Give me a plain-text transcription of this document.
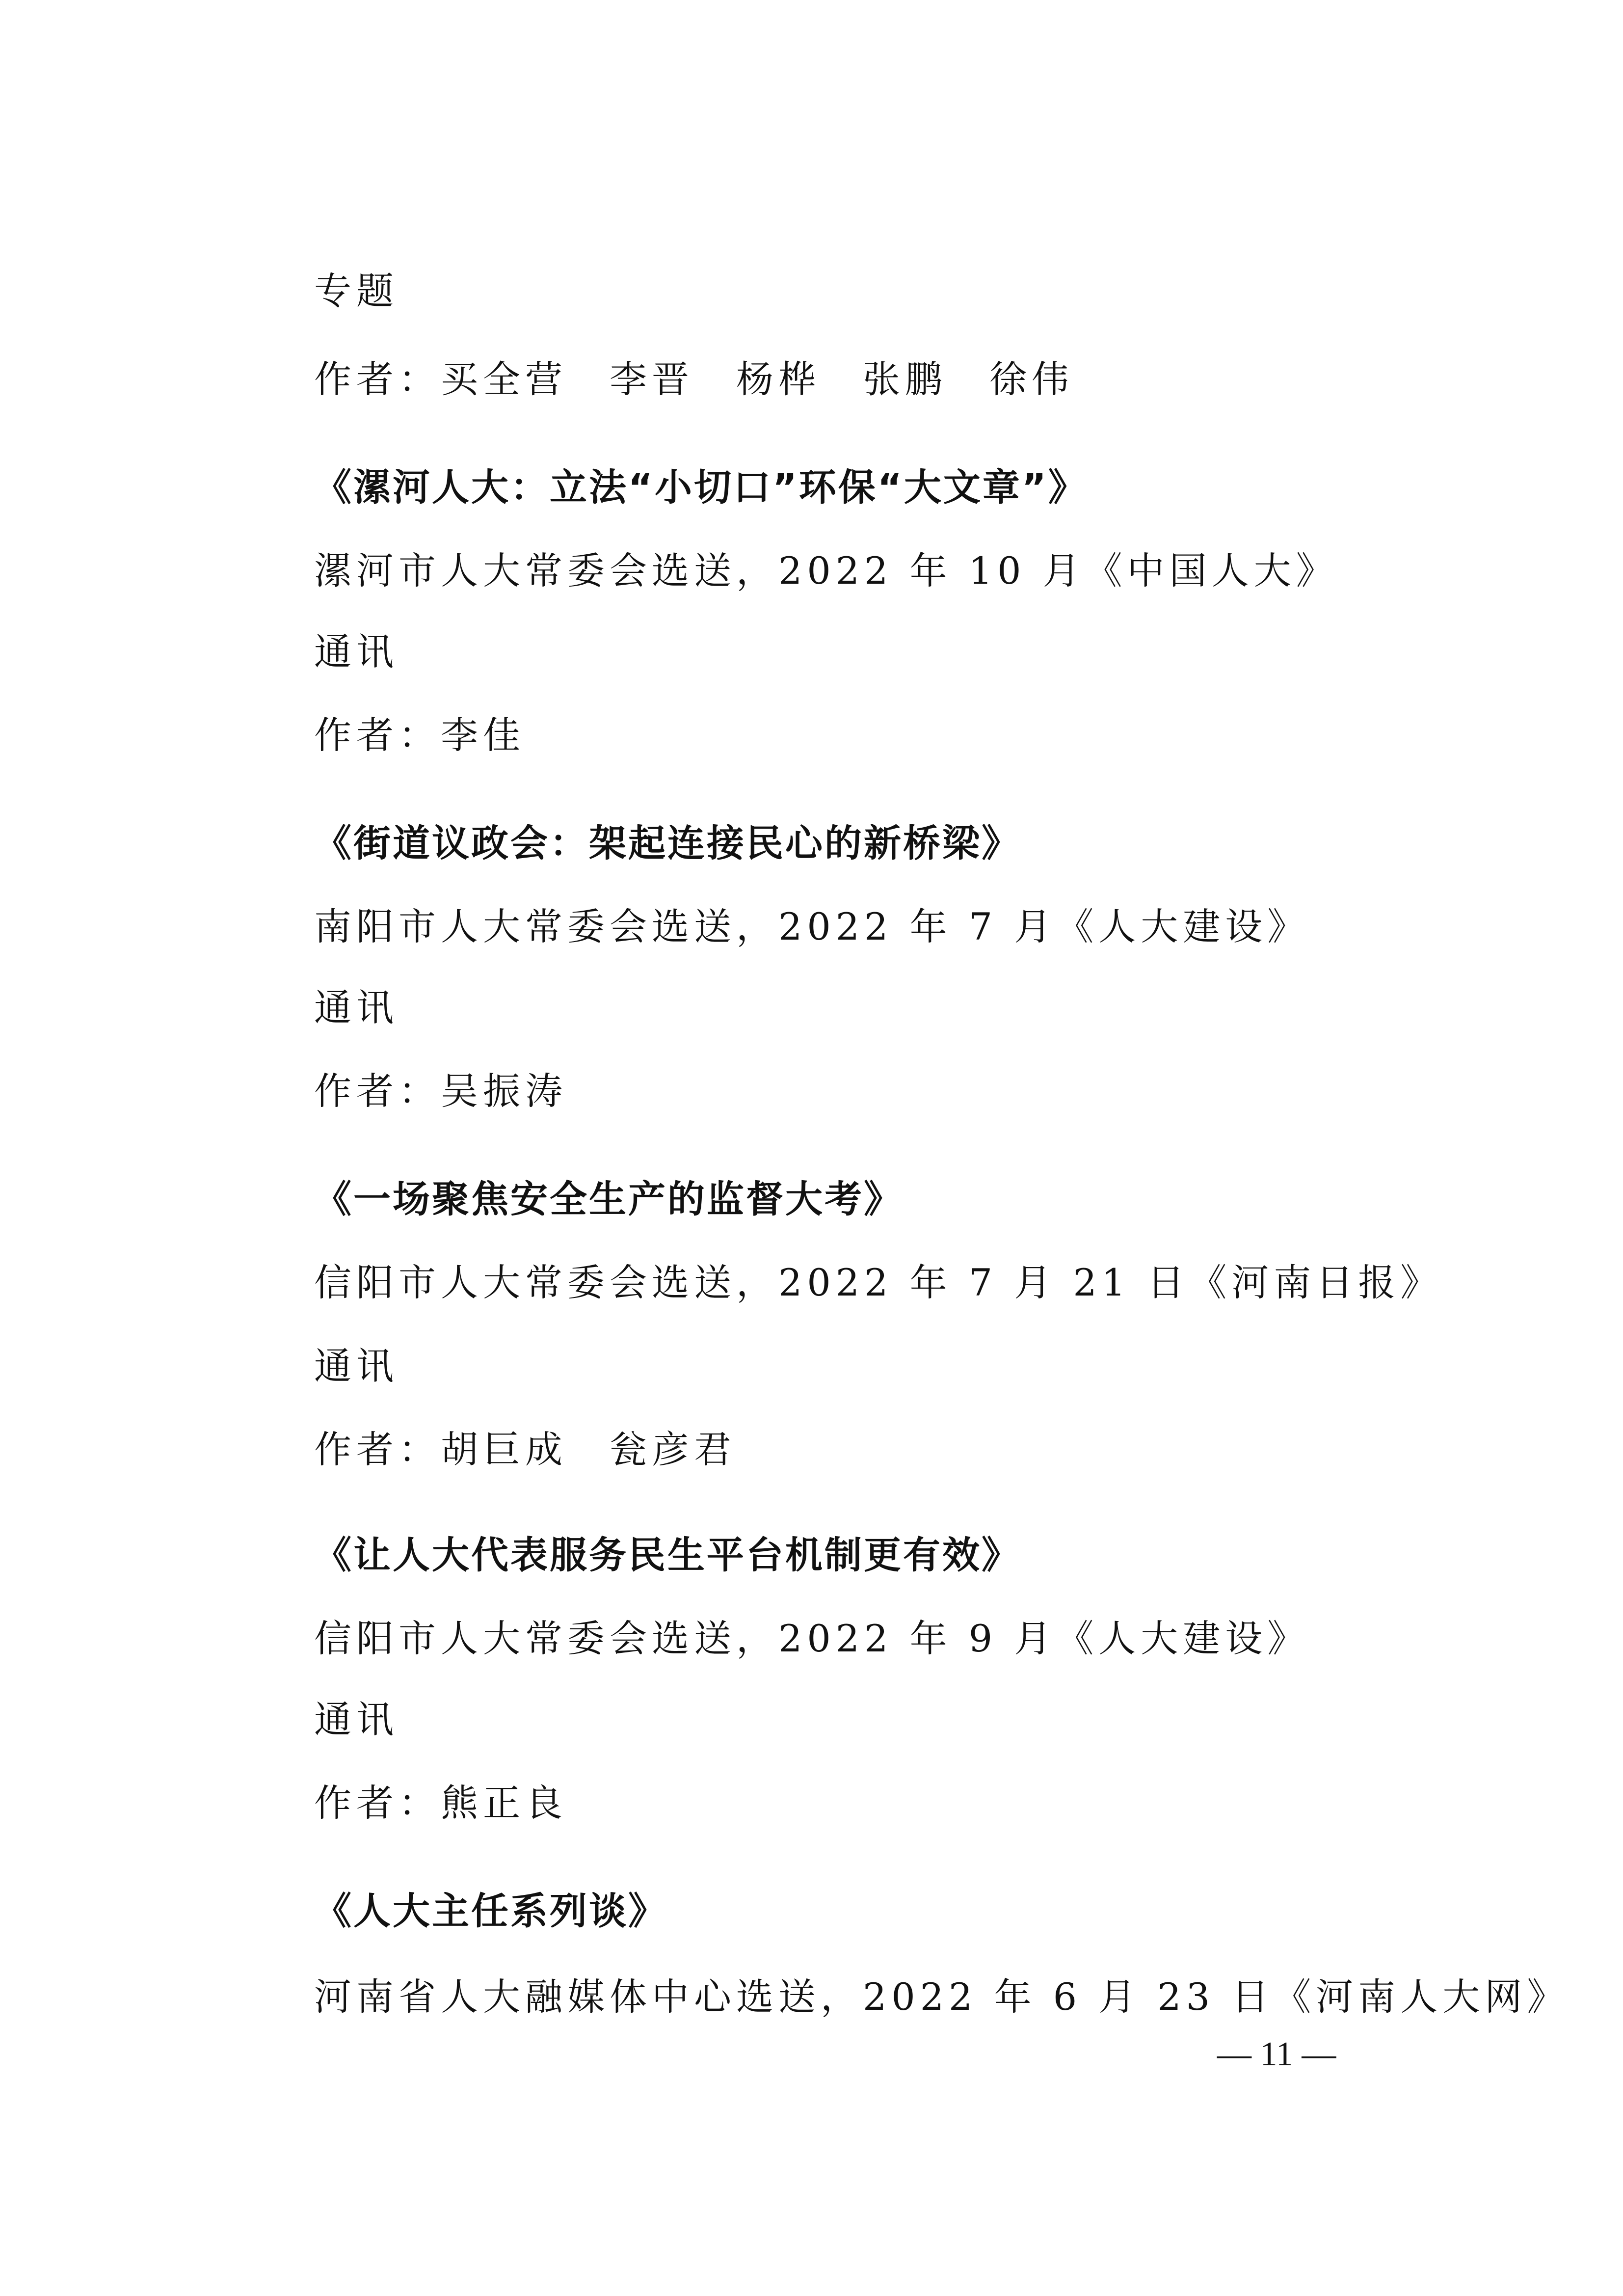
专题
作者：买全营　李晋　杨桦　张鹏　徐伟
《漯河人大：立法“小切口”环保“大文章”》
漯河市人大常委会选送，2022 年 10 月《中国人大》
通讯
作者：李佳
《街道议政会：架起连接民心的新桥梁》
南阳市人大常委会选送，2022 年 7 月《人大建设》
通讯
作者：吴振涛
《一场聚焦安全生产的监督大考》
信阳市人大常委会选送，2022 年 7 月 21 日《河南日报》
通讯
作者：胡巨成　瓮彦君
《让人大代表服务民生平台机制更有效》
信阳市人大常委会选送，2022 年 9 月《人大建设》
通讯
作者：熊正良
《人大主任系列谈》
河南省人大融媒体中心选送，2022 年 6 月 23 日《河南人大网》
— 11 —
